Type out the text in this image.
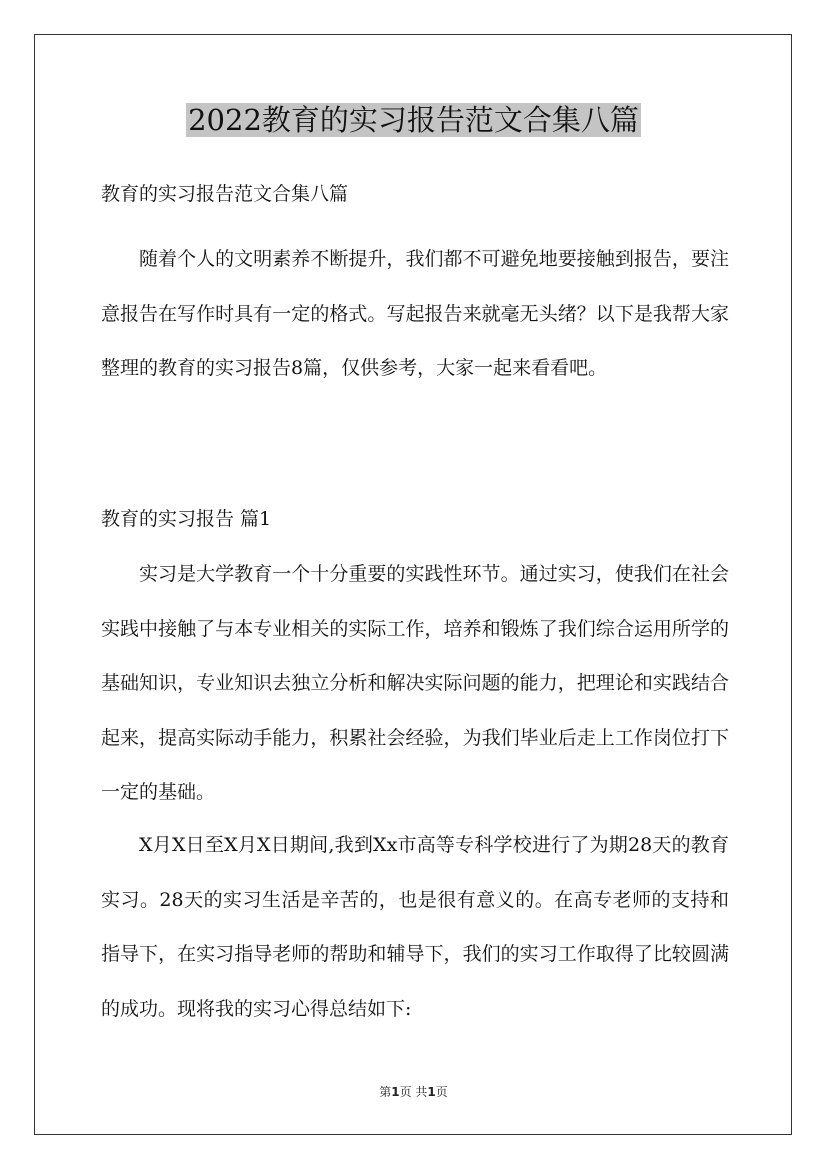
2022教育的实习报告范文合集八篇
教育的实习报告范文合集八篇

随着个人的文明素养不断提升，我们都不可避免地要接触到报告，要注意报告在写作时具有一定的格式。写起报告来就毫无头绪？以下是我帮大家整理的教育的实习报告8篇，仅供参考，大家一起来看看吧。

教育的实习报告 篇1

实习是大学教育一个十分重要的实践性环节。通过实习，使我们在社会实践中接触了与本专业相关的实际工作，培养和锻炼了我们综合运用所学的基础知识，专业知识去独立分析和解决实际问题的能力，把理论和实践结合起来，提高实际动手能力，积累社会经验，为我们毕业后走上工作岗位打下一定的基础。

X月X日至X月X日期间,我到Xx市高等专科学校进行了为期28天的教育实习。28天的实习生活是辛苦的，也是很有意义的。在高专老师的支持和指导下，在实习指导老师的帮助和辅导下，我们的实习工作取得了比较圆满的成功。现将我的实习心得总结如下:

第1页 共1页
